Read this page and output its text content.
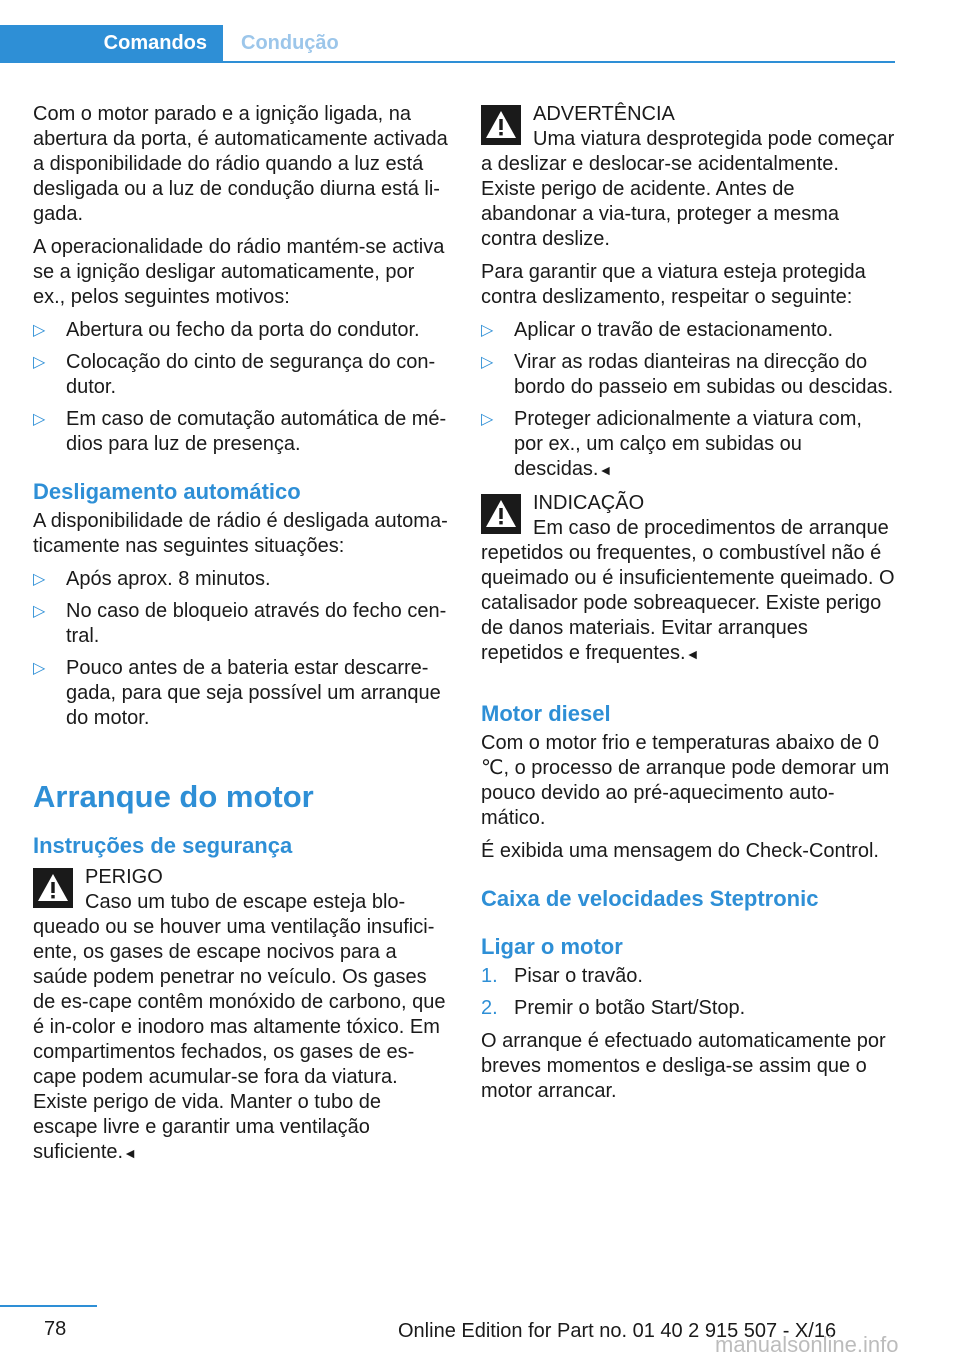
Comandos	Condução

Com o motor parado e a ignição ligada, na abertura da porta, é automaticamente activada a disponibilidade do rádio quando a luz está desligada ou a luz de condução diurna está li-gada.

A operacionalidade do rádio mantém-se activa se a ignição desligar automaticamente, por ex., pelos seguintes motivos:

▷ Abertura ou fecho da porta do condutor.
▷ Colocação do cinto de segurança do con-dutor.
▷ Em caso de comutação automática de mé-dios para luz de presença.
Desligamento automático

A disponibilidade de rádio é desligada automa-ticamente nas seguintes situações:

▷ Após aprox. 8 minutos.
▷ No caso de bloqueio através do fecho cen-tral.
▷ Pouco antes de a bateria estar descarre-gada, para que seja possível um arranque do motor.
Arranque do motor
Instruções de segurança
PERIGO
Caso um tubo de escape esteja blo-queado ou se houver uma ventilação insufici-ente, os gases de escape nocivos para a saúde podem penetrar no veículo. Os gases de es-cape contêm monóxido de carbono, que é in-color e inodoro mas altamente tóxico. Em compartimentos fechados, os gases de es-cape podem acumular-se fora da viatura. Existe perigo de vida. Manter o tubo de escape livre e garantir uma ventilação suficiente.◄
ADVERTÊNCIA
Uma viatura desprotegida pode começar a deslizar e deslocar-se acidentalmente. Existe perigo de acidente. Antes de abandonar a via-tura, proteger a mesma contra deslize.

Para garantir que a viatura esteja protegida contra deslizamento, respeitar o seguinte:

▷ Aplicar o travão de estacionamento.
▷ Virar as rodas dianteiras na direcção do bordo do passeio em subidas ou descidas.
▷ Proteger adicionalmente a viatura com, por ex., um calço em subidas ou descidas.◄
INDICAÇÃO
Em caso de procedimentos de arranque repetidos ou frequentes, o combustível não é queimado ou é insuficientemente queimado. O catalisador pode sobreaquecer. Existe perigo de danos materiais. Evitar arranques repetidos e frequentes.◄
Motor diesel

Com o motor frio e temperaturas abaixo de 0 ℃, o processo de arranque pode demorar um pouco devido ao pré-aquecimento auto-mático.

É exibida uma mensagem do Check-Control.

Caixa de velocidades Steptronic
Ligar o motor
1. Pisar o travão.
2. Premir o botão Start/Stop.

O arranque é efectuado automaticamente por breves momentos e desliga-se assim que o motor arrancar.

78	Online Edition for Part no. 01 40 2 915 507 - X/16
manualsonline.info
